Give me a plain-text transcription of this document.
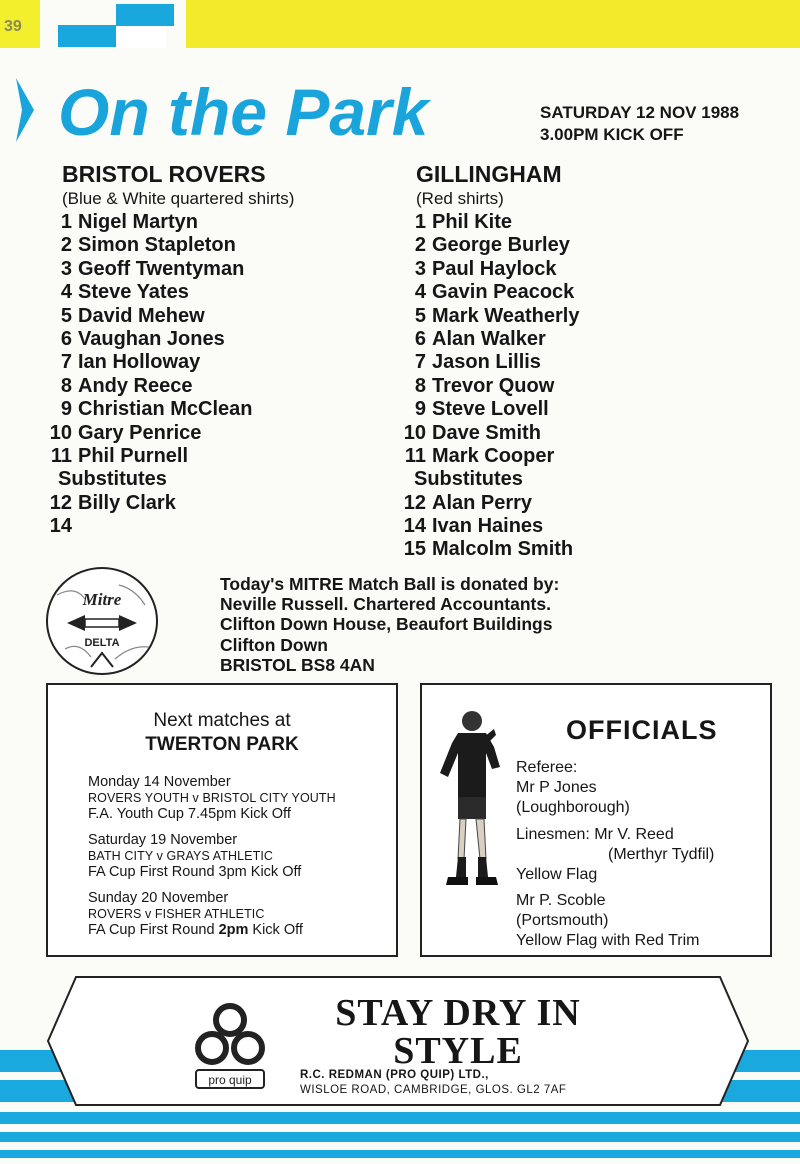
39
On the Park	SATURDAY 12 NOV 1988
3.00PM KICK OFF
BRISTOL ROVERS
(Blue & White quartered shirts)
1 Nigel Martyn
2 Simon Stapleton
3 Geoff Twentyman
4 Steve Yates
5 David Mehew
6 Vaughan Jones
7 Ian Holloway
8 Andy Reece
9 Christian McClean
10 Gary Penrice
11 Phil Purnell
Substitutes
12 Billy Clark
14
GILLINGHAM
(Red shirts)
1 Phil Kite
2 George Burley
3 Paul Haylock
4 Gavin Peacock
5 Mark Weatherly
6 Alan Walker
7 Jason Lillis
8 Trevor Quow
9 Steve Lovell
10 Dave Smith
11 Mark Cooper
Substitutes
12 Alan Perry
14 Ivan Haines
15 Malcolm Smith
Mitre
DELTA
Today's MITRE Match Ball is donated by:
Neville Russell. Chartered Accountants.
Clifton Down House, Beaufort Buildings
Clifton Down
BRISTOL BS8 4AN
Next matches at
TWERTON PARK
Monday 14 November
ROVERS YOUTH v BRISTOL CITY YOUTH
F.A. Youth Cup 7.45pm Kick Off
Saturday 19 November
BATH CITY v GRAYS ATHLETIC
FA Cup First Round 3pm Kick Off
Sunday 20 November
ROVERS v FISHER ATHLETIC
FA Cup First Round 2pm Kick Off
OFFICIALS
Referee:
Mr P Jones
(Loughborough)
Linesmen: Mr V. Reed
(Merthyr Tydfil)
Yellow Flag
Mr P. Scoble
(Portsmouth)
Yellow Flag with Red Trim
pro quip
STAY DRY IN
STYLE
R.C. REDMAN (PRO QUIP) LTD.,
WISLOE ROAD, CAMBRIDGE, GLOS. GL2 7AF
